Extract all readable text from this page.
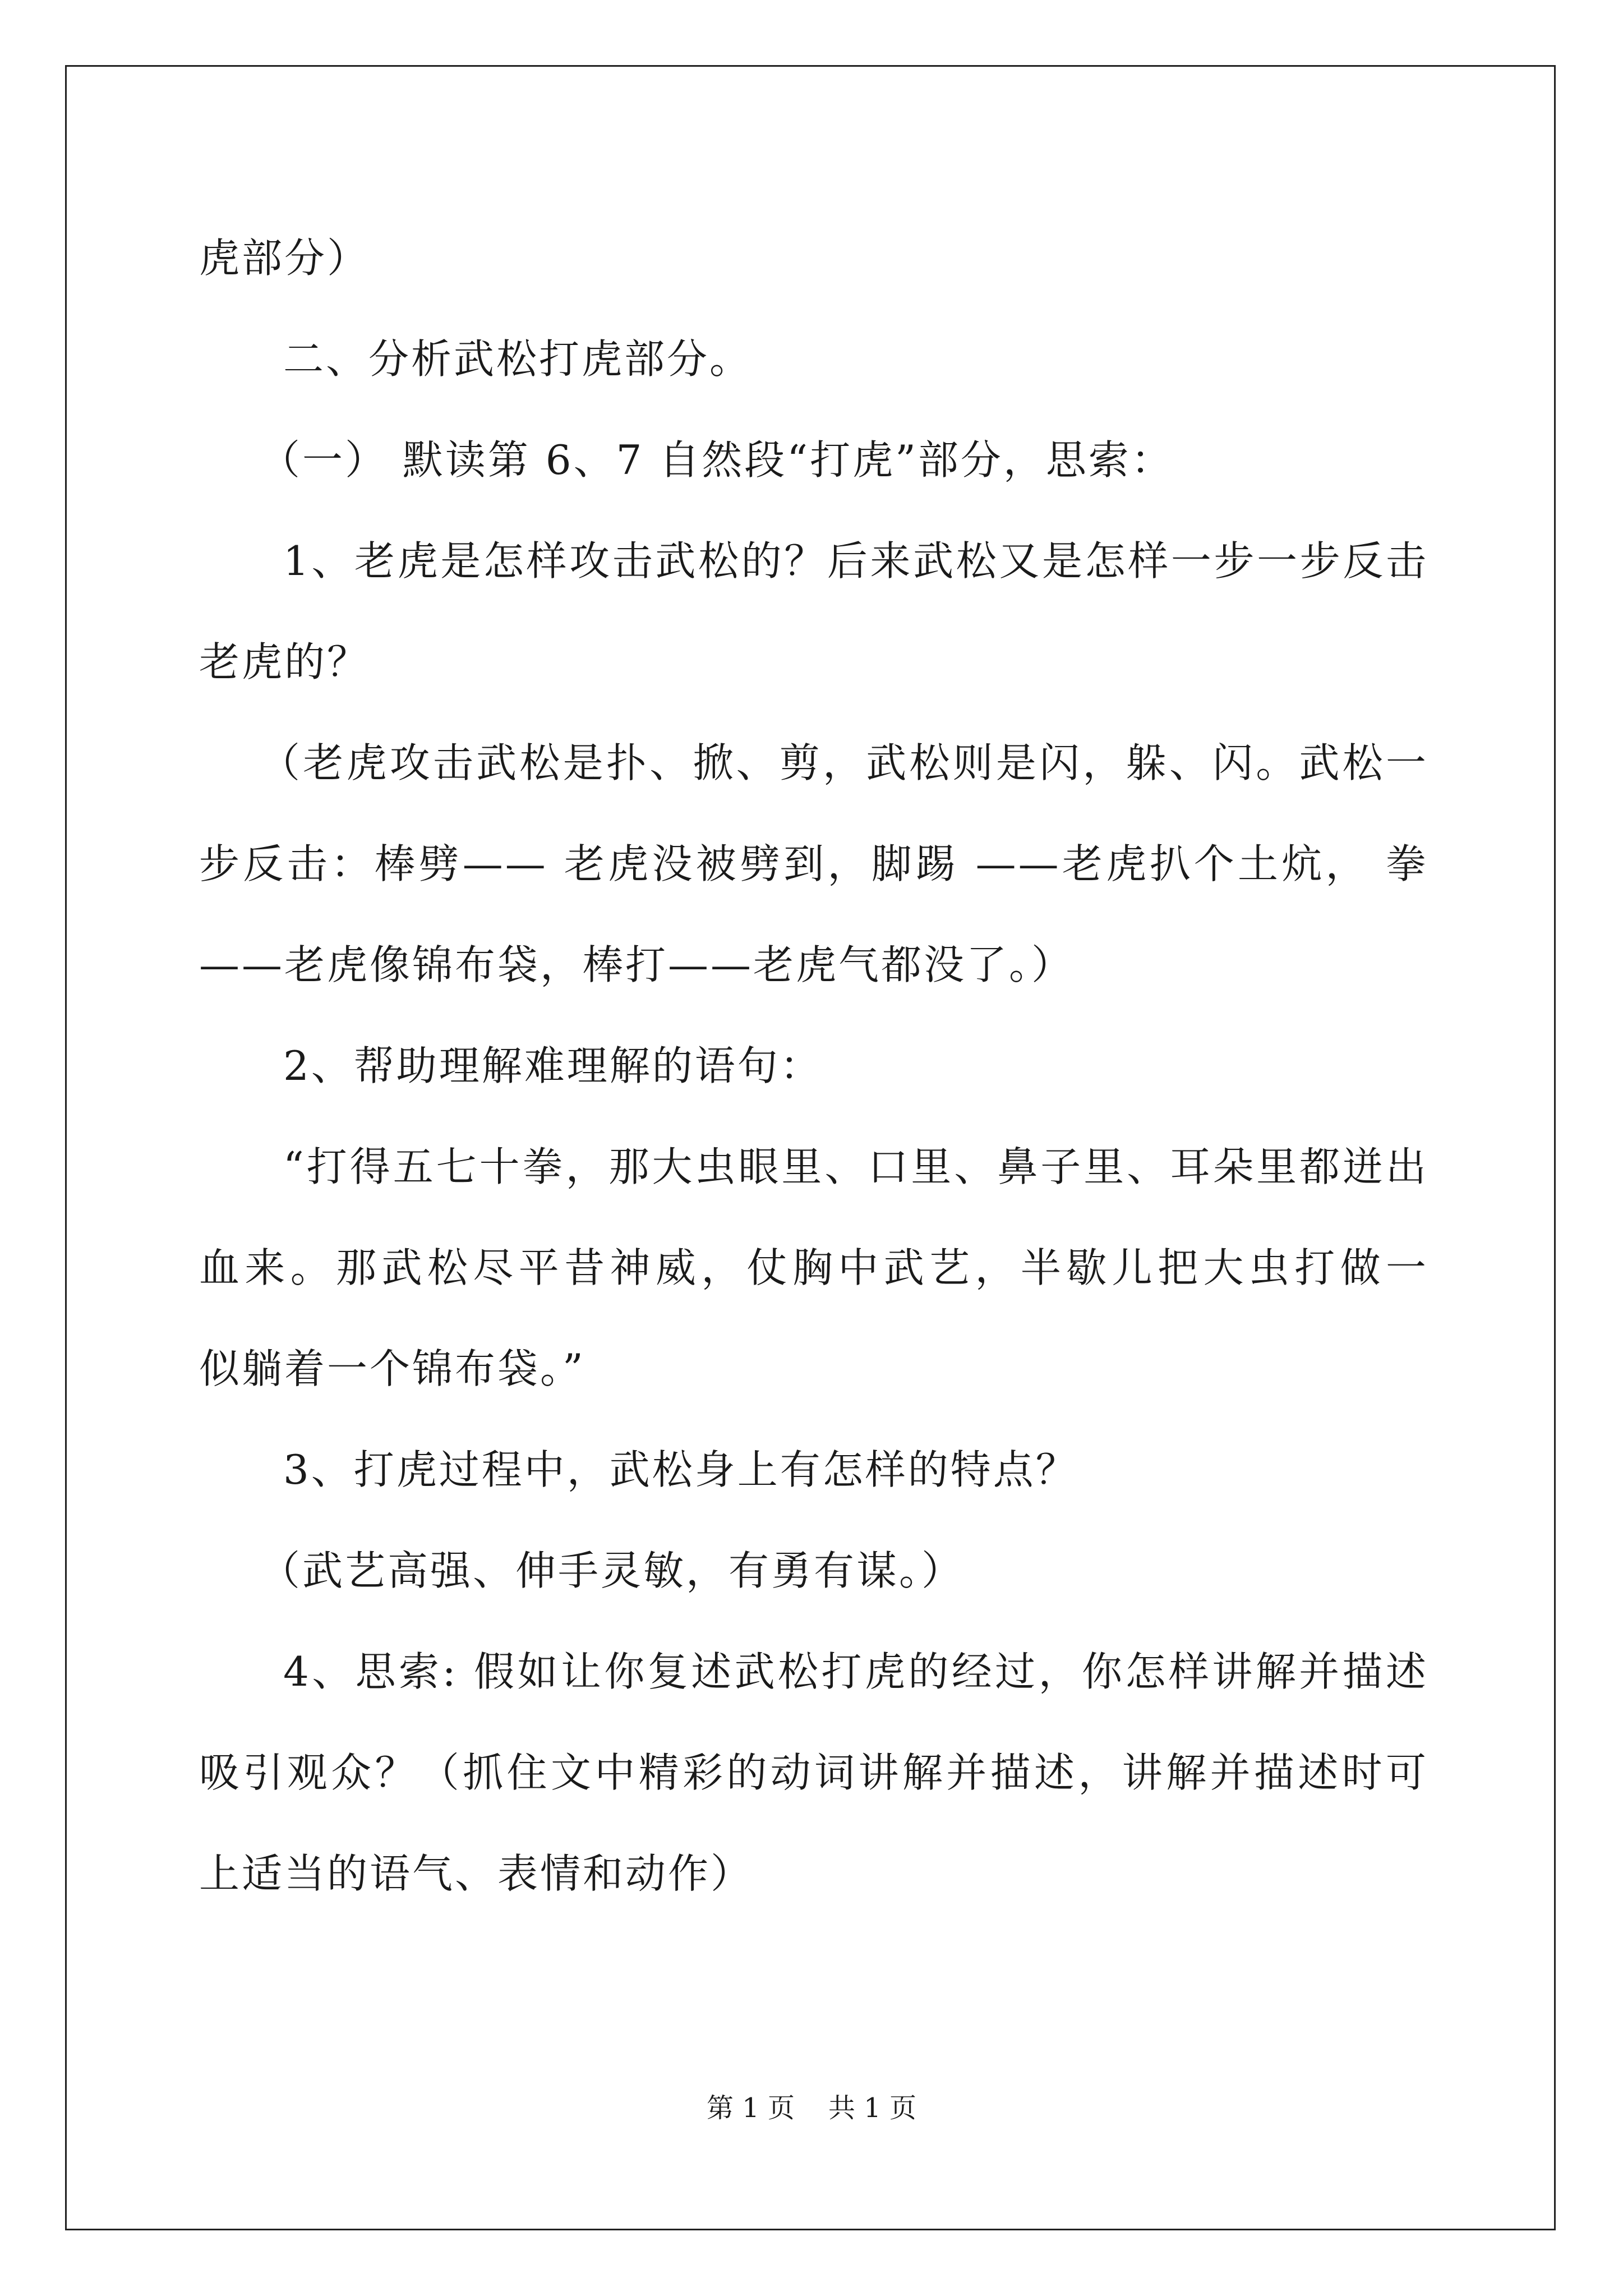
虎部分）
二、分析武松打虎部分。
（一） 默读第 6、7 自然段“打虎”部分，思索：
1、老虎是怎样攻击武松的？后来武松又是怎样一步一步反击
老虎的？
（老虎攻击武松是扑、掀、剪，武松则是闪，躲、闪。武松一
步反击：棒劈—— 老虎没被劈到，脚踢 ——老虎扒个土炕， 拳
——老虎像锦布袋，棒打——老虎气都没了。）
2、帮助理解难理解的语句：
“打得五七十拳，那大虫眼里、口里、鼻子里、耳朵里都迸出
血来。那武松尽平昔神威，仗胸中武艺，半歇儿把大虫打做一
似躺着一个锦布袋。”
3、打虎过程中，武松身上有怎样的特点？
（武艺高强、伸手灵敏，有勇有谋。）
4、思索: 假如让你复述武松打虎的经过，你怎样讲解并描述
吸引观众？（抓住文中精彩的动词讲解并描述，讲解并描述时可
上适当的语气、表情和动作）
第 1 页 共 1 页
